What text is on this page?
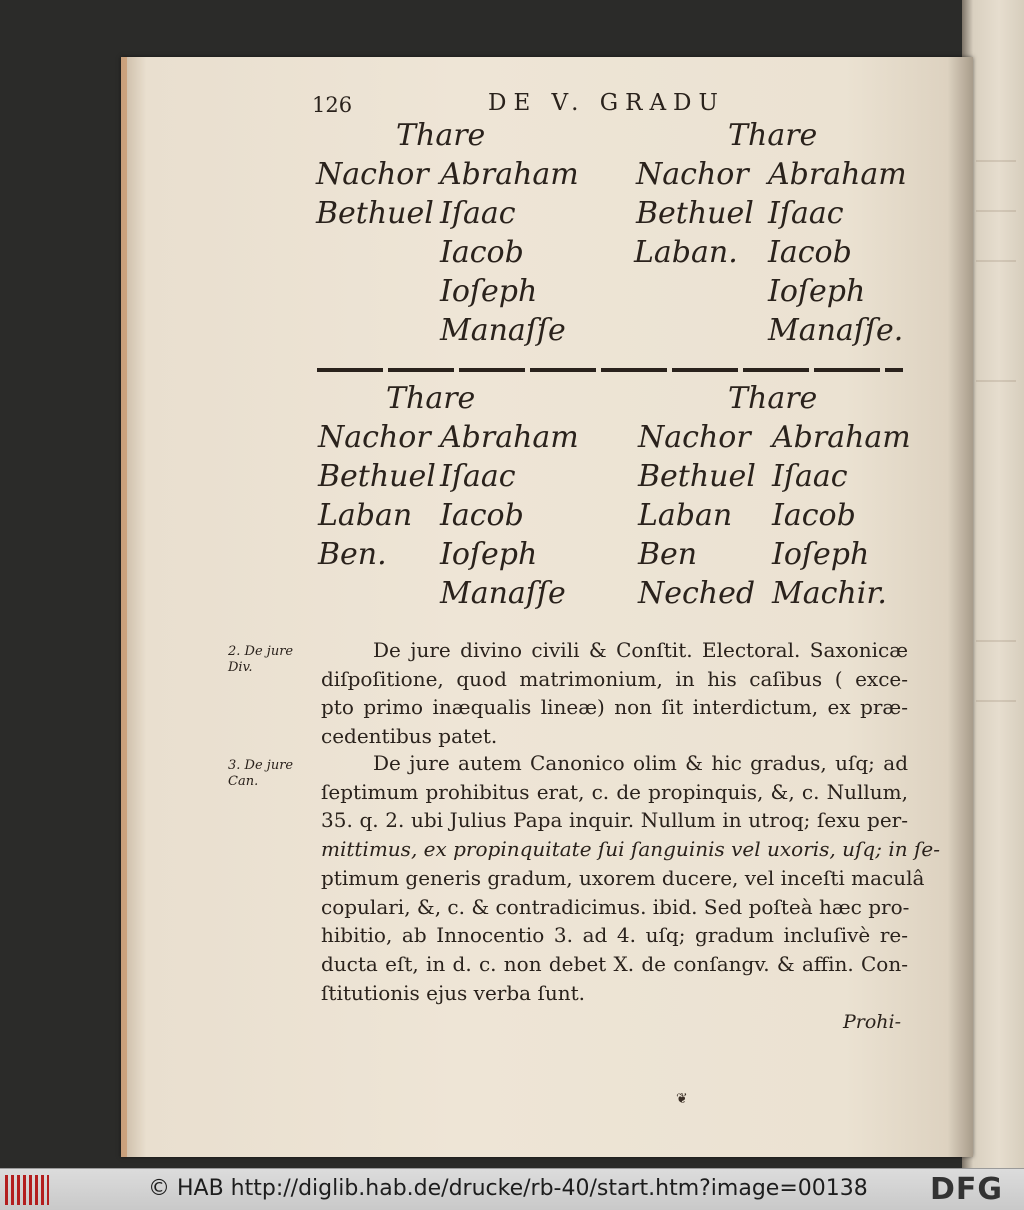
126	DE V. GRADU
Thare
Nachor
Bethuel
Abraham
Iſaac
Iacob
Ioſeph
Manaſſe
Thare
Nachor
Bethuel
Laban.
Abraham
Iſaac
Iacob
Ioſeph
Manaſſe.
Thare
Nachor
Bethuel
Laban
Ben.
Abraham
Iſaac
Iacob
Ioſeph
Manaſſe
Thare
Nachor
Bethuel
Laban
Ben
Neched
Abraham
Iſaac
Iacob
Ioſeph
Machir.
2. De jure
Div.
3. De jure
Can.
De jure divino civili & Conſtit. Electoral. Saxonicæ
diſpoſitione, quod matrimonium, in his caſibus ( exce-
pto primo inæqualis lineæ) non ſit interdictum, ex præ-
cedentibus patet.
De jure autem Canonico olim & hic gradus, uſq; ad
ſeptimum prohibitus erat, c. de propinquis, &, c. Nullum,
35. q. 2. ubi Julius Papa inquir. Nullum in utroq; ſexu per-
mittimus, ex propinquitate ſui ſanguinis vel uxoris, uſq; in ſe-
ptimum generis gradum, uxorem ducere, vel inceſti maculâ
copulari, &, c. & contradicimus. ibid. Sed poſteà hæc pro-
hibitio, ab Innocentio 3. ad 4. uſq; gradum incluſivè re-
ducta eſt, in d. c. non debet X. de conſangv. & affin. Con-
ſtitutionis ejus verba ſunt.
Prohi-
❦
© HAB http://diglib.hab.de/drucke/rb-40/start.htm?image=00138 DFG
